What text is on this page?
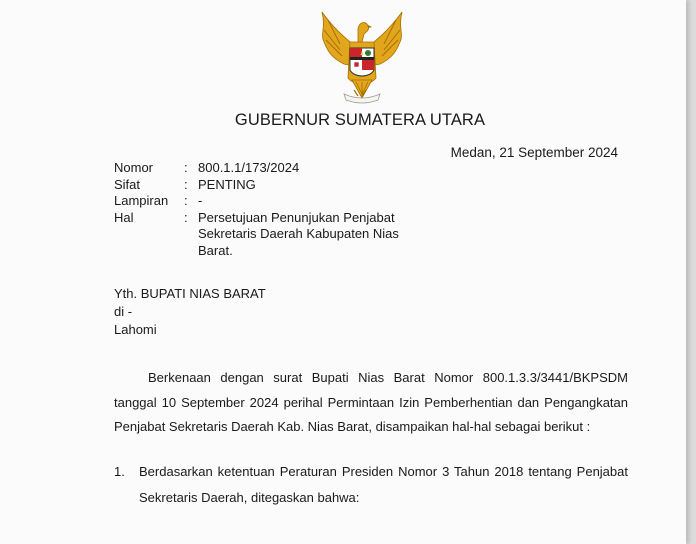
GUBERNUR SUMATERA UTARA
Medan, 21 September 2024
Nomor	: 800.1.1/173/2024
Sifat	: PENTING
Lampiran	: -
Hal	: Persetujuan Penunjukan Penjabat Sekretaris Daerah Kabupaten Nias Barat.
Yth. BUPATI NIAS BARAT
di -
Lahomi
Berkenaan dengan surat Bupati Nias Barat Nomor 800.1.3.3/3441/BKPSDM tanggal 10 September 2024 perihal Permintaan Izin Pemberhentian dan Pengangkatan Penjabat Sekretaris Daerah Kab. Nias Barat, disampaikan hal-hal sebagai berikut :
1.	Berdasarkan ketentuan Peraturan Presiden Nomor 3 Tahun 2018 tentang Penjabat Sekretaris Daerah, ditegaskan bahwa:
